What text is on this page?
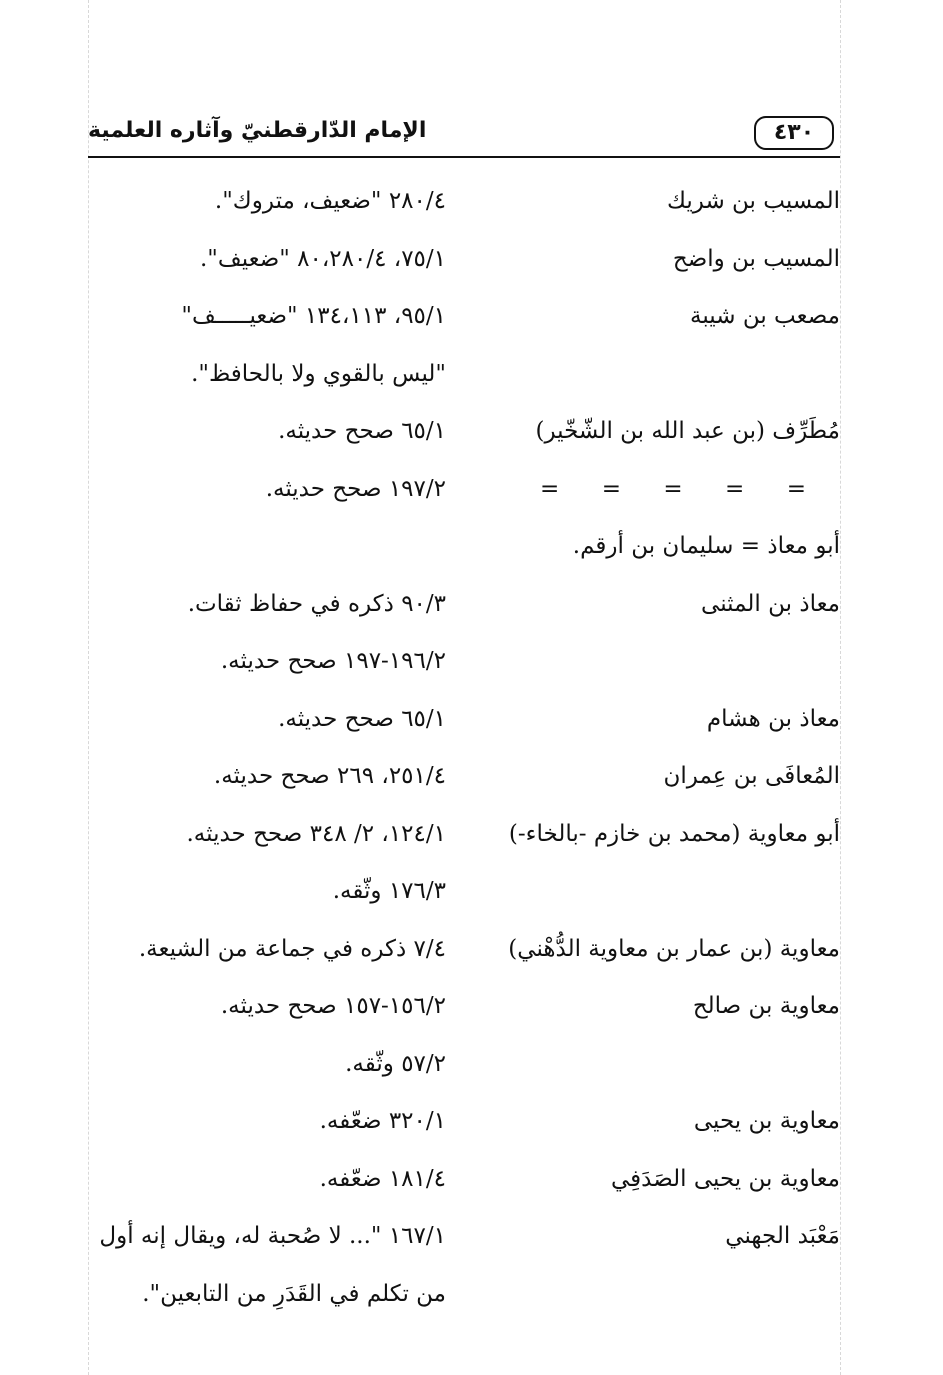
الإمام الدّارقطنيّ وآثاره العلمية	٤٣٠
المسيب بن شريك
٢٨٠/٤ "ضعيف، متروك".
المسيب بن واضح
٧٥/١، ٨٠،٢٨٠/٤ "ضعيف".
مصعب بن شيبة
٩٥/١، ١٣٤،١١٣ "ضعيـــــف"
"ليس بالقوي ولا بالحافظ".
مُطَرِّف (بن عبد الله بن الشّخّير)
٦٥/١ صحح حديثه.
=
=
=
=
=
١٩٧/٢ صحح حديثه.
أبو معاذ = سليمان بن أرقم.
معاذ بن المثنى
٩٠/٣ ذكره في حفاظ ثقات.
١٩٦/٢-١٩٧ صحح حديثه.
معاذ بن هشام
٦٥/١ صحح حديثه.
المُعافَى بن عِمران
٢٥١/٤، ٢٦٩ صحح حديثه.
أبو معاوية (محمد بن خازم -بالخاء-)
١٢٤/١، ٢/ ٣٤٨ صحح حديثه.
١٧٦/٣ وثّقه.
معاوية (بن عمار بن معاوية الدُّهْني)
٧/٤ ذكره في جماعة من الشيعة.
معاوية بن صالح
١٥٦/٢-١٥٧ صحح حديثه.
٥٧/٢ وثّقه.
معاوية بن يحيى
٣٢٠/١ ضعّفه.
معاوية بن يحيى الصَدَفِي
١٨١/٤ ضعّفه.
مَعْبَد الجهني
١٦٧/١ "... لا صُحبة له، ويقال إنه أول
من تكلم في القَدَرِ من التابعين".
